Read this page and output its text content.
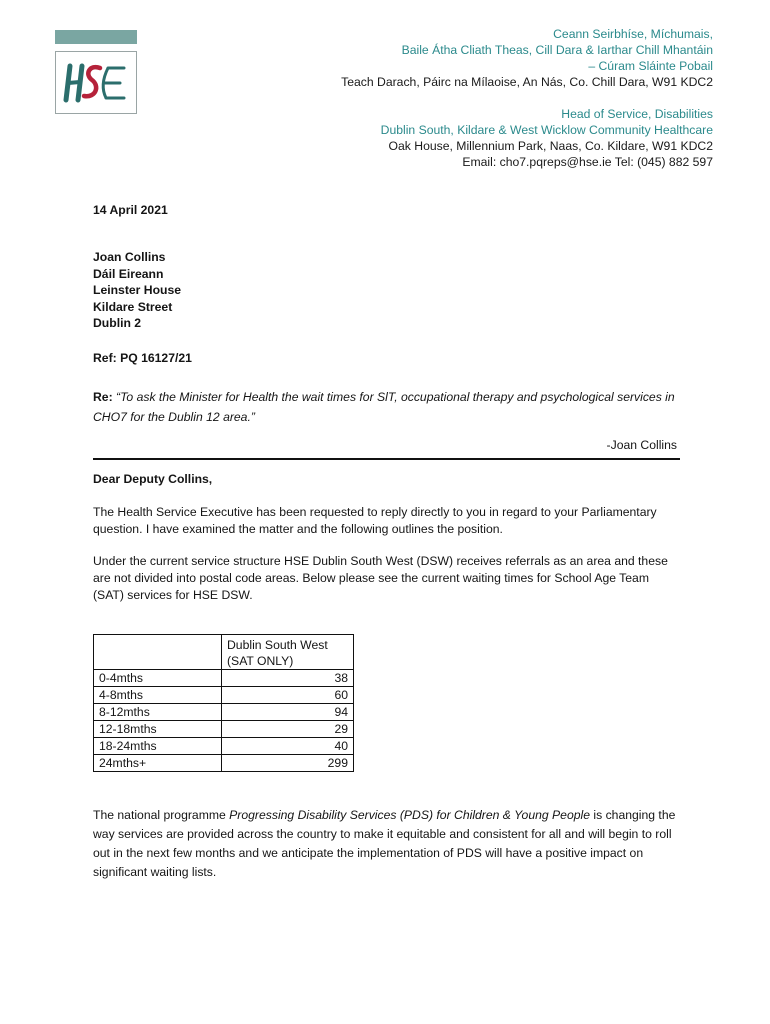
Ceann Seirbhíse, Míchumais,
Baile Átha Cliath Theas, Cill Dara & Iarthar Chill Mhantáin
– Cúram Sláinte Pobail
Teach Darach, Páirc na Mílaoise, An Nás, Co. Chill Dara, W91 KDC2
Head of Service, Disabilities
Dublin South, Kildare & West Wicklow Community Healthcare
Oak House, Millennium Park, Naas, Co. Kildare, W91 KDC2
Email: cho7.pqreps@hse.ie Tel: (045) 882 597
14 April 2021
Joan Collins
Dáil Eireann
Leinster House
Kildare Street
Dublin 2
Ref: PQ 16127/21
Re: “To ask the Minister for Health the wait times for SlT, occupational therapy and psychological services in CHO7 for the Dublin 12 area.”
-Joan Collins
Dear Deputy Collins,
The Health Service Executive has been requested to reply directly to you in regard to your Parliamentary question. I have examined the matter and the following outlines the position.
Under the current service structure HSE Dublin South West (DSW) receives referrals as an area and these are not divided into postal code areas. Below please see the current waiting times for School Age Team (SAT) services for HSE DSW.
	Dublin South West (SAT ONLY)
0-4mths	38
4-8mths	60
8-12mths	94
12-18mths	29
18-24mths	40
24mths+	299
The national programme Progressing Disability Services (PDS) for Children & Young People is changing the way services are provided across the country to make it equitable and consistent for all and will begin to roll out in the next few months and we anticipate the implementation of PDS will have a positive impact on significant waiting lists.
